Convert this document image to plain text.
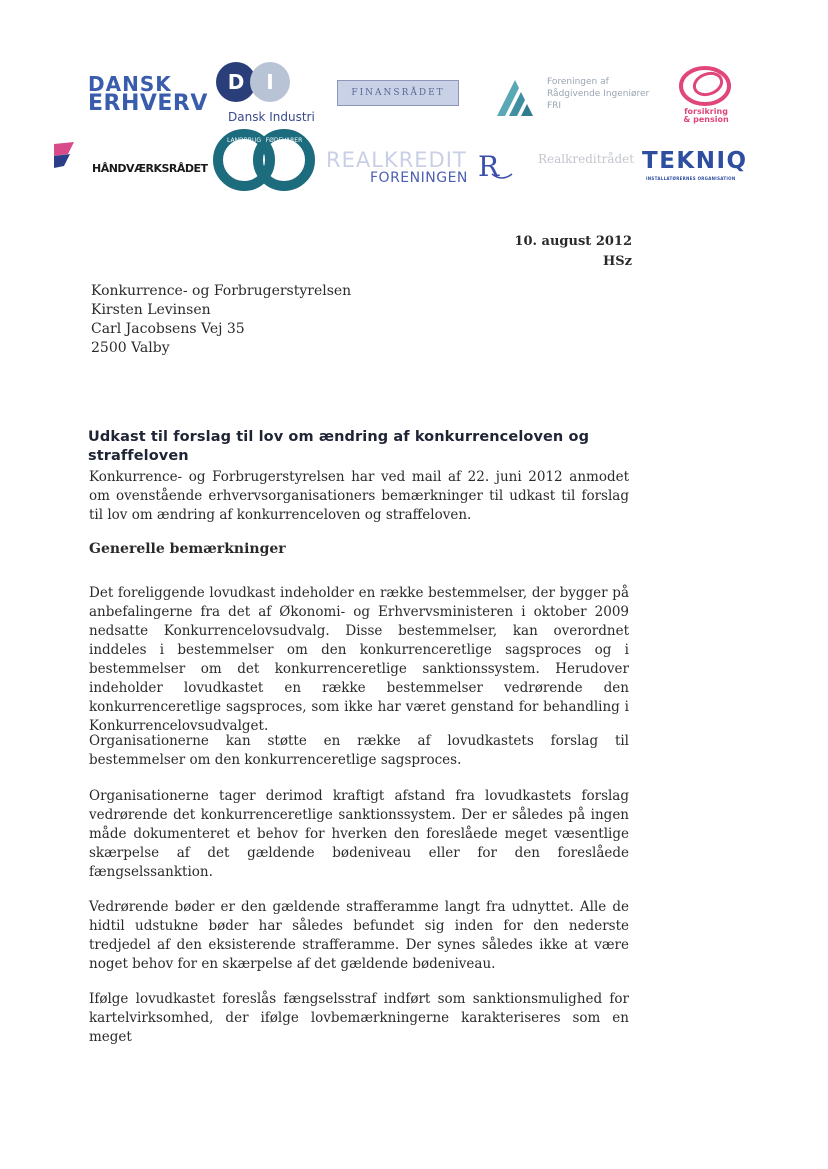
DANSK
ERHVERV
D I
Dansk Industri
FINANSRÅDET
Foreningen af
Rådgivende Ingeniører
FRI
forsikring
& pension
HÅNDVÆRKSRÅDET
LANDBRUG FØDEVARER
REALKREDIT
FORENINGEN R	Realkreditrådet TEKNIQ
INSTALLATØRERNES ORGANISATION
10. august 2012
HSz
Konkurrence- og Forbrugerstyrelsen
Kirsten Levinsen
Carl Jacobsens Vej 35
2500 Valby
Udkast til forslag til lov om ændring af konkurrenceloven og straffeloven

Konkurrence- og Forbrugerstyrelsen har ved mail af 22. juni 2012 anmodet om ovenstående erhvervsorganisationers bemærkninger til udkast til forslag til lov om ændring af konkurrenceloven og straffeloven.

Generelle bemærkninger

Det foreliggende lovudkast indeholder en række bestemmelser, der bygger på anbefalingerne fra det af Økonomi- og Erhvervsministeren i oktober 2009 nedsatte Konkurrencelovsudvalg. Disse bestemmelser, kan overordnet inddeles i bestemmelser om den konkurrenceretlige sagsproces og i bestemmelser om det konkurrenceretlige sanktionssystem. Herudover indeholder lovudkastet en række bestemmelser vedrørende den konkurrenceretlige sagsproces, som ikke har været genstand for behandling i Konkurrencelovsudvalget.

Organisationerne kan støtte en række af lovudkastets forslag til bestemmelser om den konkurrenceretlige sagsproces.

Organisationerne tager derimod kraftigt afstand fra lovudkastets forslag vedrørende det konkurrenceretlige sanktionssystem. Der er således på ingen måde dokumenteret et behov for hverken den foreslåede meget væsentlige skærpelse af det gældende bødeniveau eller for den foreslåede fængselssanktion.

Vedrørende bøder er den gældende strafferamme langt fra udnyttet. Alle de hidtil udstukne bøder har således befundet sig inden for den nederste tredjedel af den eksisterende strafferamme. Der synes således ikke at være noget behov for en skærpelse af det gældende bødeniveau.

Ifølge lovudkastet foreslås fængselsstraf indført som sanktionsmulighed for kartelvirksomhed, der ifølge lovbemærkningerne karakteriseres som en meget
